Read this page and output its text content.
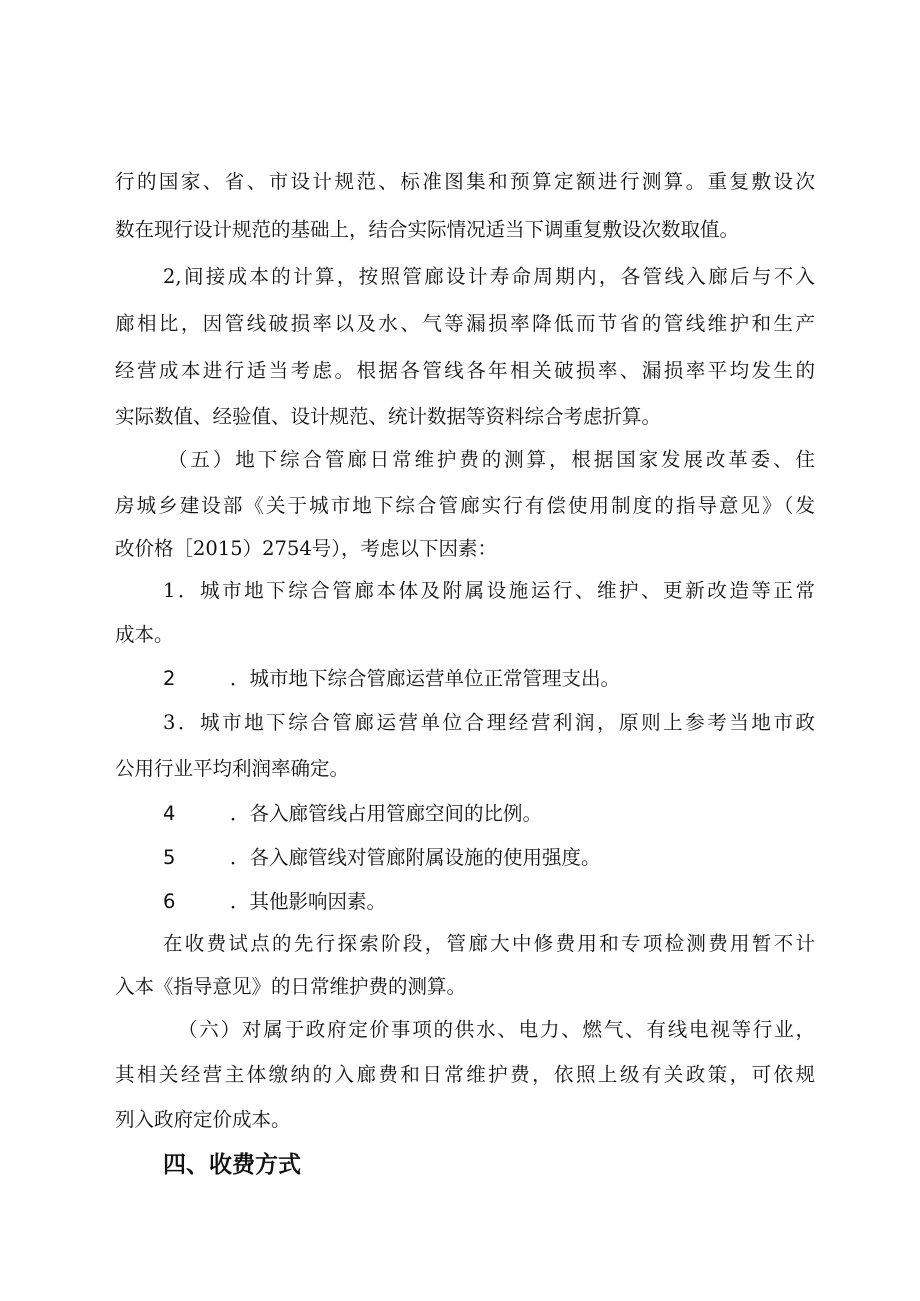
行的国家、省、市设计规范、标准图集和预算定额进行测算。重复敷设次
数在现行设计规范的基础上，结合实际情况适当下调重复敷设次数取值。
2,间接成本的计算，按照管廊设计寿命周期内，各管线入廊后与不入
廊相比，因管线破损率以及水、气等漏损率降低而节省的管线维护和生产
经营成本进行适当考虑。根据各管线各年相关破损率、漏损率平均发生的
实际数值、经验值、设计规范、统计数据等资料综合考虑折算。
（五）地下综合管廊日常维护费的测算，根据国家发展改革委、住
房城乡建设部《关于城市地下综合管廊实行有偿使用制度的指导意见》（发
改价格［2015）2754号），考虑以下因素：
1．城市地下综合管廊本体及附属设施运行、维护、更新改造等正常
成本。
2	．城市地下综合管廊运营单位正常管理支出。
3．城市地下综合管廊运营单位合理经营利润，原则上参考当地市政
公用行业平均利润率确定。
4	．各入廊管线占用管廊空间的比例。
5	．各入廊管线对管廊附属设施的使用强度。
6	．其他影响因素。
在收费试点的先行探索阶段，管廊大中修费用和专项检测费用暂不计
入本《指导意见》的日常维护费的测算。
（六）对属于政府定价事项的供水、电力、燃气、有线电视等行业，
其相关经营主体缴纳的入廊费和日常维护费，依照上级有关政策，可依规
列入政府定价成本。
四、收费方式
